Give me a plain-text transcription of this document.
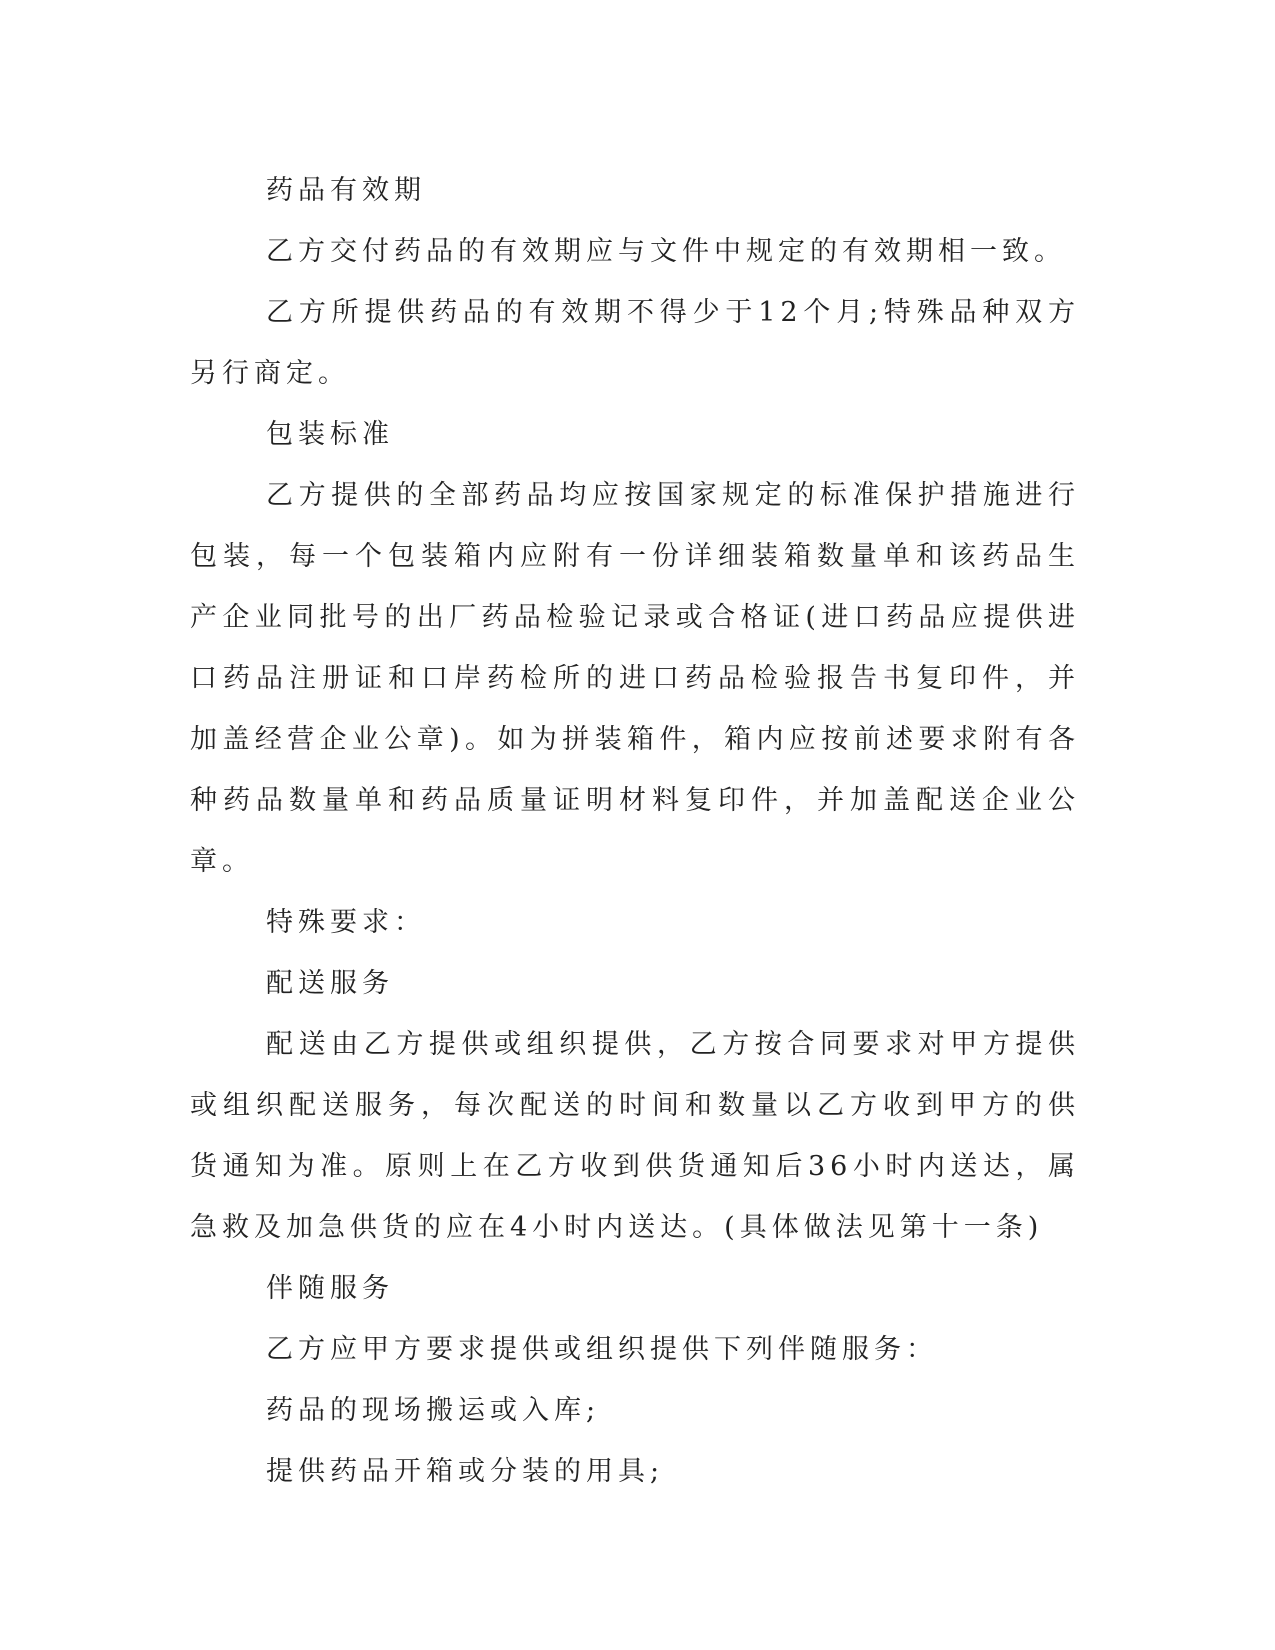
药品有效期

乙方交付药品的有效期应与文件中规定的有效期相一致。

乙方所提供药品的有效期不得少于12个月;特殊品种双方另行商定。

包装标准

乙方提供的全部药品均应按国家规定的标准保护措施进行包装，每一个包装箱内应附有一份详细装箱数量单和该药品生产企业同批号的出厂药品检验记录或合格证(进口药品应提供进口药品注册证和口岸药检所的进口药品检验报告书复印件，并加盖经营企业公章)。如为拼装箱件，箱内应按前述要求附有各种药品数量单和药品质量证明材料复印件，并加盖配送企业公章。

特殊要求：

配送服务

配送由乙方提供或组织提供，乙方按合同要求对甲方提供或组织配送服务，每次配送的时间和数量以乙方收到甲方的供货通知为准。原则上在乙方收到供货通知后36小时内送达，属急救及加急供货的应在4小时内送达。(具体做法见第十一条)

伴随服务

乙方应甲方要求提供或组织提供下列伴随服务：

药品的现场搬运或入库;

提供药品开箱或分装的用具;
